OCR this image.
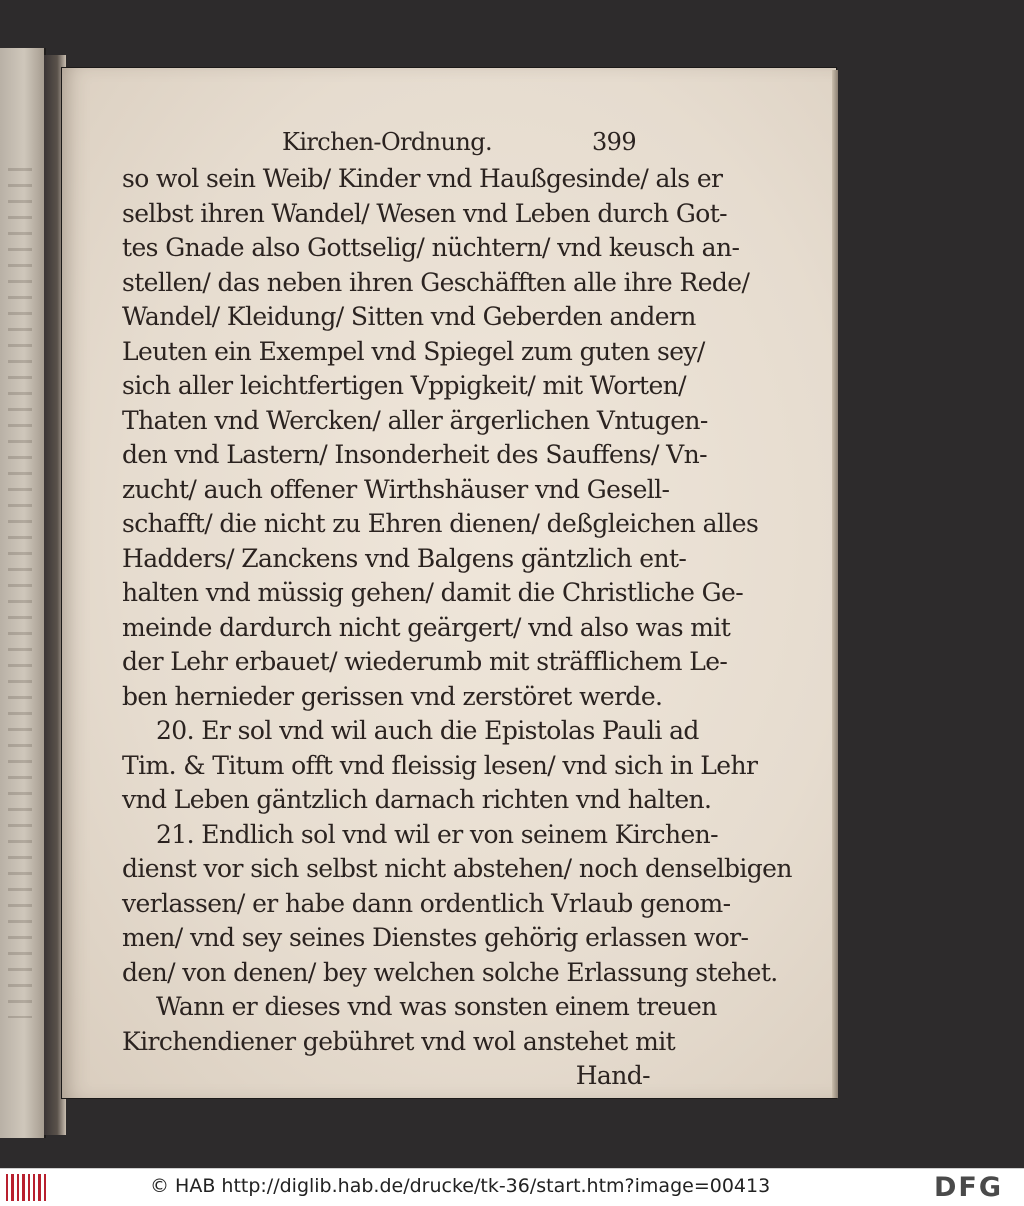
Kirchen-Ordnung.	399
so wol sein Weib/ Kinder vnd Haußgesinde/ als er
selbst ihren Wandel/ Wesen vnd Leben durch Got-
tes Gnade also Gottselig/ nüchtern/ vnd keusch an-
stellen/ das neben ihren Geschäfften alle ihre Rede/
Wandel/ Kleidung/ Sitten vnd Geberden andern
Leuten ein Exempel vnd Spiegel zum guten sey/
sich aller leichtfertigen Vppigkeit/ mit Worten/
Thaten vnd Wercken/ aller ärgerlichen Vntugen-
den vnd Lastern/ Insonderheit des Sauffens/ Vn-
zucht/ auch offener Wirthshäuser vnd Gesell-
schafft/ die nicht zu Ehren dienen/ deßgleichen alles
Hadders/ Zanckens vnd Balgens gäntzlich ent-
halten vnd müssig gehen/ damit die Christliche Ge-
meinde dardurch nicht geärgert/ vnd also was mit
der Lehr erbauet/ wiederumb mit sträfflichem Le-
ben hernieder gerissen vnd zerstöret werde.
20. Er sol vnd wil auch die Epistolas Pauli ad
Tim. & Titum offt vnd fleissig lesen/ vnd sich in Lehr
vnd Leben gäntzlich darnach richten vnd halten.
21. Endlich sol vnd wil er von seinem Kirchen-
dienst vor sich selbst nicht abstehen/ noch denselbigen
verlassen/ er habe dann ordentlich Vrlaub genom-
men/ vnd sey seines Dienstes gehörig erlassen wor-
den/ von denen/ bey welchen solche Erlassung stehet.
Wann er dieses vnd was sonsten einem treuen
Kirchendiener gebühret vnd wol anstehet mit
Hand-
© HAB http://diglib.hab.de/drucke/tk-36/start.htm?image=00413	DFG
